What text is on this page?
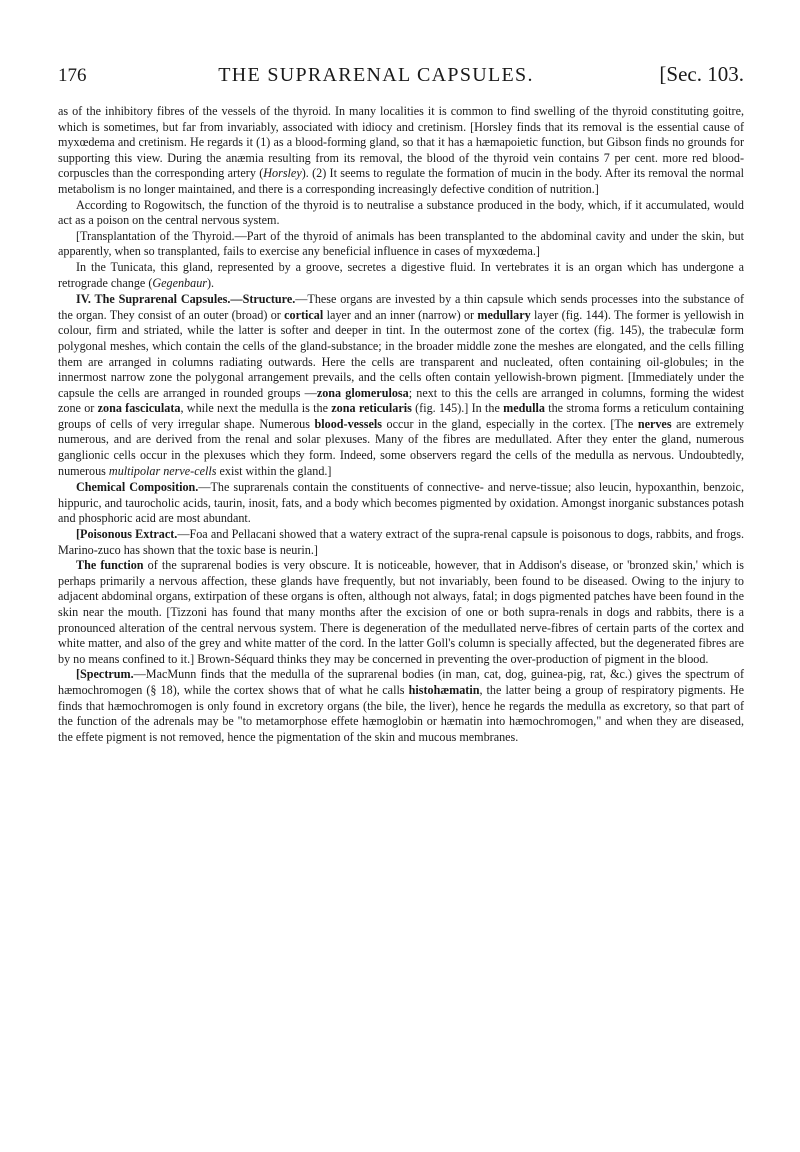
176	THE SUPRARENAL CAPSULES.	[Sec. 103.

as of the inhibitory fibres of the vessels of the thyroid. In many localities it is common to find swelling of the thyroid constituting goitre, which is sometimes, but far from invariably, associated with idiocy and cretinism. [Horsley finds that its removal is the essential cause of myxœdema and cretinism. He regards it (1) as a blood-forming gland, so that it has a hæmapoietic function, but Gibson finds no grounds for supporting this view. During the anæmia resulting from its removal, the blood of the thyroid vein contains 7 per cent. more red blood-corpuscles than the corresponding artery (Horsley). (2) It seems to regulate the formation of mucin in the body. After its removal the normal metabolism is no longer maintained, and there is a corresponding increasingly defective condition of nutrition.]

According to Rogowitsch, the function of the thyroid is to neutralise a substance produced in the body, which, if it accumulated, would act as a poison on the central nervous system.

[Transplantation of the Thyroid.—Part of the thyroid of animals has been transplanted to the abdominal cavity and under the skin, but apparently, when so transplanted, fails to exercise any beneficial influence in cases of myxœdema.]

In the Tunicata, this gland, represented by a groove, secretes a digestive fluid. In vertebrates it is an organ which has undergone a retrograde change (Gegenbaur).

IV. The Suprarenal Capsules.—Structure.—These organs are invested by a thin capsule which sends processes into the substance of the organ. They consist of an outer (broad) or cortical layer and an inner (narrow) or medullary layer (fig. 144). The former is yellowish in colour, firm and striated, while the latter is softer and deeper in tint. In the outermost zone of the cortex (fig. 145), the trabeculæ form polygonal meshes, which contain the cells of the gland-substance; in the broader middle zone the meshes are elongated, and the cells filling them are arranged in columns radiating outwards. Here the cells are transparent and nucleated, often containing oil-globules; in the innermost narrow zone the polygonal arrangement prevails, and the cells often contain yellowish-brown pigment. [Immediately under the capsule the cells are arranged in rounded groups —zona glomerulosa; next to this the cells are arranged in columns, forming the widest zone or zona fasciculata, while next the medulla is the zona reticularis (fig. 145).] In the medulla the stroma forms a reticulum containing groups of cells of very irregular shape. Numerous blood-vessels occur in the gland, especially in the cortex. [The nerves are extremely numerous, and are derived from the renal and solar plexuses. Many of the fibres are medullated. After they enter the gland, numerous ganglionic cells occur in the plexuses which they form. Indeed, some observers regard the cells of the medulla as nervous. Undoubtedly, numerous multipolar nerve-cells exist within the gland.]

Chemical Composition.—The suprarenals contain the constituents of connective- and nerve-tissue; also leucin, hypoxanthin, benzoic, hippuric, and taurocholic acids, taurin, inosit, fats, and a body which becomes pigmented by oxidation. Amongst inorganic substances potash and phosphoric acid are most abundant.

[Poisonous Extract.—Foa and Pellacani showed that a watery extract of the supra-renal capsule is poisonous to dogs, rabbits, and frogs. Marino-zuco has shown that the toxic base is neurin.]

The function of the suprarenal bodies is very obscure. It is noticeable, however, that in Addison's disease, or 'bronzed skin,' which is perhaps primarily a nervous affection, these glands have frequently, but not invariably, been found to be diseased. Owing to the injury to adjacent abdominal organs, extirpation of these organs is often, although not always, fatal; in dogs pigmented patches have been found in the skin near the mouth. [Tizzoni has found that many months after the excision of one or both supra-renals in dogs and rabbits, there is a pronounced alteration of the central nervous system. There is degeneration of the medullated nerve-fibres of certain parts of the cortex and white matter, and also of the grey and white matter of the cord. In the latter Goll's column is specially affected, but the degenerated fibres are by no means confined to it.] Brown-Séquard thinks they may be concerned in preventing the over-production of pigment in the blood.

[Spectrum.—MacMunn finds that the medulla of the suprarenal bodies (in man, cat, dog, guinea-pig, rat, &c.) gives the spectrum of hæmochromogen (§ 18), while the cortex shows that of what he calls histohæmatin, the latter being a group of respiratory pigments. He finds that hæmochromogen is only found in excretory organs (the bile, the liver), hence he regards the medulla as excretory, so that part of the function of the adrenals may be "to metamorphose effete hæmoglobin or hæmatin into hæmochromogen," and when they are diseased, the effete pigment is not removed, hence the pigmentation of the skin and mucous membranes.
